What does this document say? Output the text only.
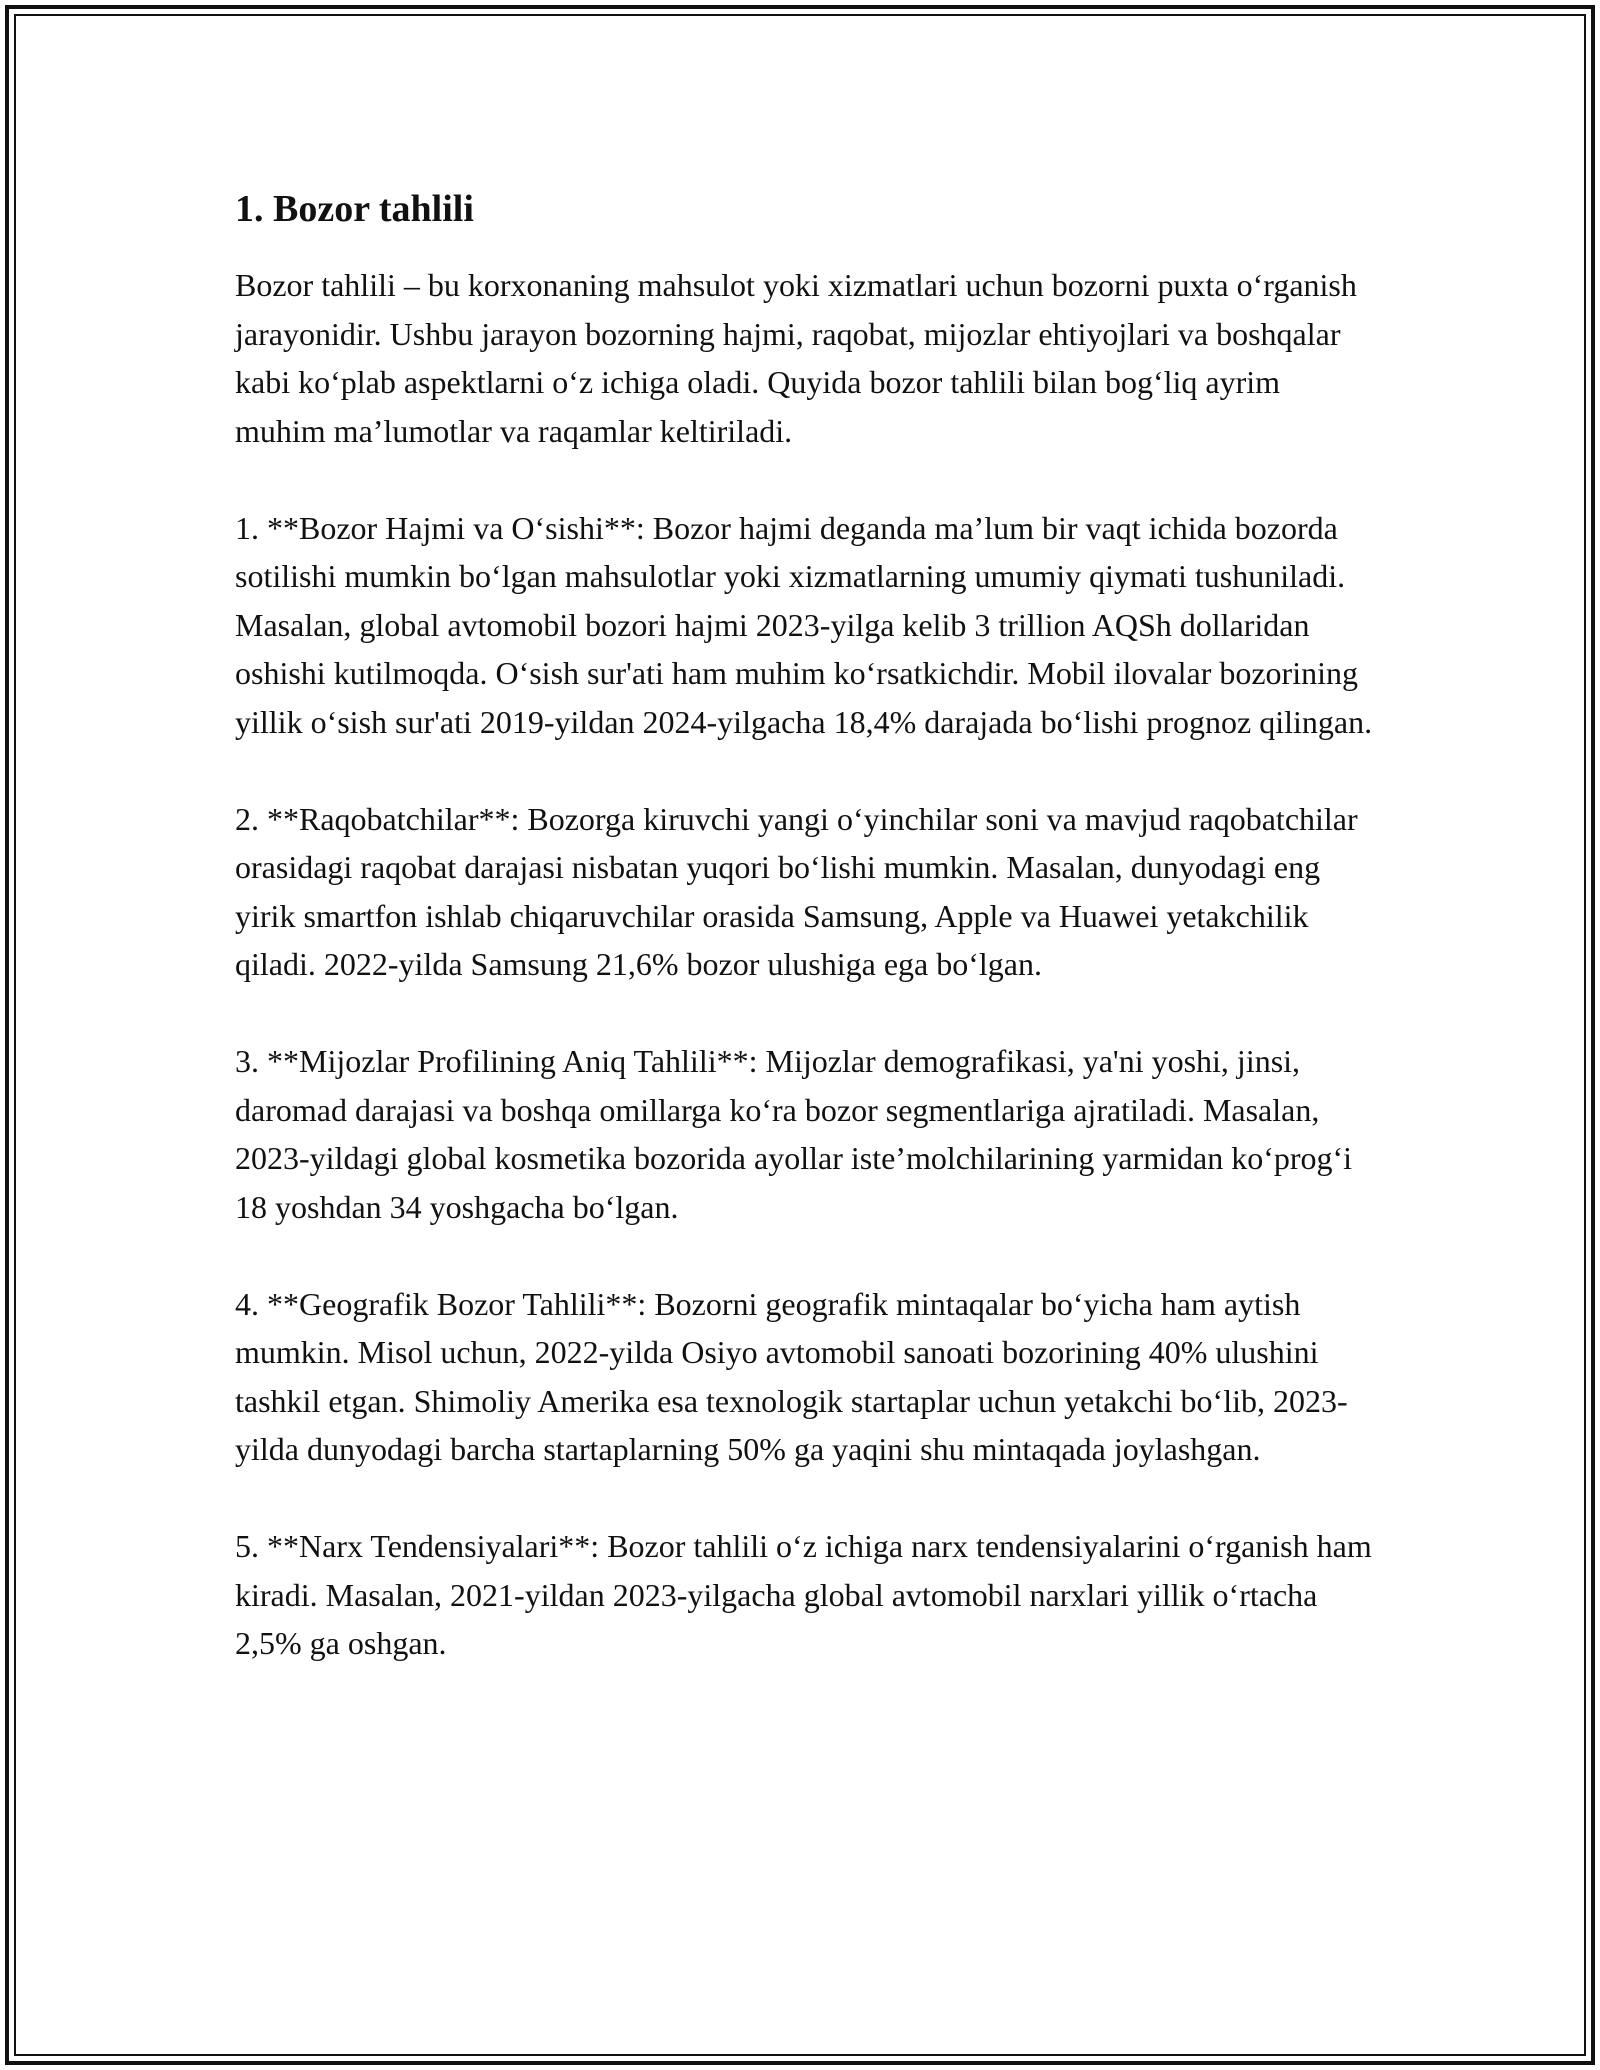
1. Bozor tahlili

Bozor tahlili – bu korxonaning mahsulot yoki xizmatlari uchun bozorni puxta o‘rganish jarayonidir. Ushbu jarayon bozorning hajmi, raqobat, mijozlar ehtiyojlari va boshqalar kabi ko‘plab aspektlarni o‘z ichiga oladi. Quyida bozor tahlili bilan bog‘liq ayrim muhim ma’lumotlar va raqamlar keltiriladi.

1. **Bozor Hajmi va O‘sishi**: Bozor hajmi deganda ma’lum bir vaqt ichida bozorda sotilishi mumkin bo‘lgan mahsulotlar yoki xizmatlarning umumiy qiymati tushuniladi. Masalan, global avtomobil bozori hajmi 2023-yilga kelib 3 trillion AQSh dollaridan oshishi kutilmoqda. O‘sish sur'ati ham muhim ko‘rsatkichdir. Mobil ilovalar bozorining yillik o‘sish sur'ati 2019-yildan 2024-yilgacha 18,4% darajada bo‘lishi prognoz qilingan.

2. **Raqobatchilar**: Bozorga kiruvchi yangi o‘yinchilar soni va mavjud raqobatchilar orasidagi raqobat darajasi nisbatan yuqori bo‘lishi mumkin. Masalan, dunyodagi eng yirik smartfon ishlab chiqaruvchilar orasida Samsung, Apple va Huawei yetakchilik qiladi. 2022-yilda Samsung 21,6% bozor ulushiga ega bo‘lgan.

3. **Mijozlar Profilining Aniq Tahlili**: Mijozlar demografikasi, ya'ni yoshi, jinsi, daromad darajasi va boshqa omillarga ko‘ra bozor segmentlariga ajratiladi. Masalan, 2023-yildagi global kosmetika bozorida ayollar iste’molchilarining yarmidan ko‘prog‘i 18 yoshdan 34 yoshgacha bo‘lgan.

4. **Geografik Bozor Tahlili**: Bozorni geografik mintaqalar bo‘yicha ham aytish mumkin. Misol uchun, 2022-yilda Osiyo avtomobil sanoati bozorining 40% ulushini tashkil etgan. Shimoliy Amerika esa texnologik startaplar uchun yetakchi bo‘lib, 2023-yilda dunyodagi barcha startaplarning 50% ga yaqini shu mintaqada joylashgan.

5. **Narx Tendensiyalari**: Bozor tahlili o‘z ichiga narx tendensiyalarini o‘rganish ham kiradi. Masalan, 2021-yildan 2023-yilgacha global avtomobil narxlari yillik o‘rtacha 2,5% ga oshgan.
